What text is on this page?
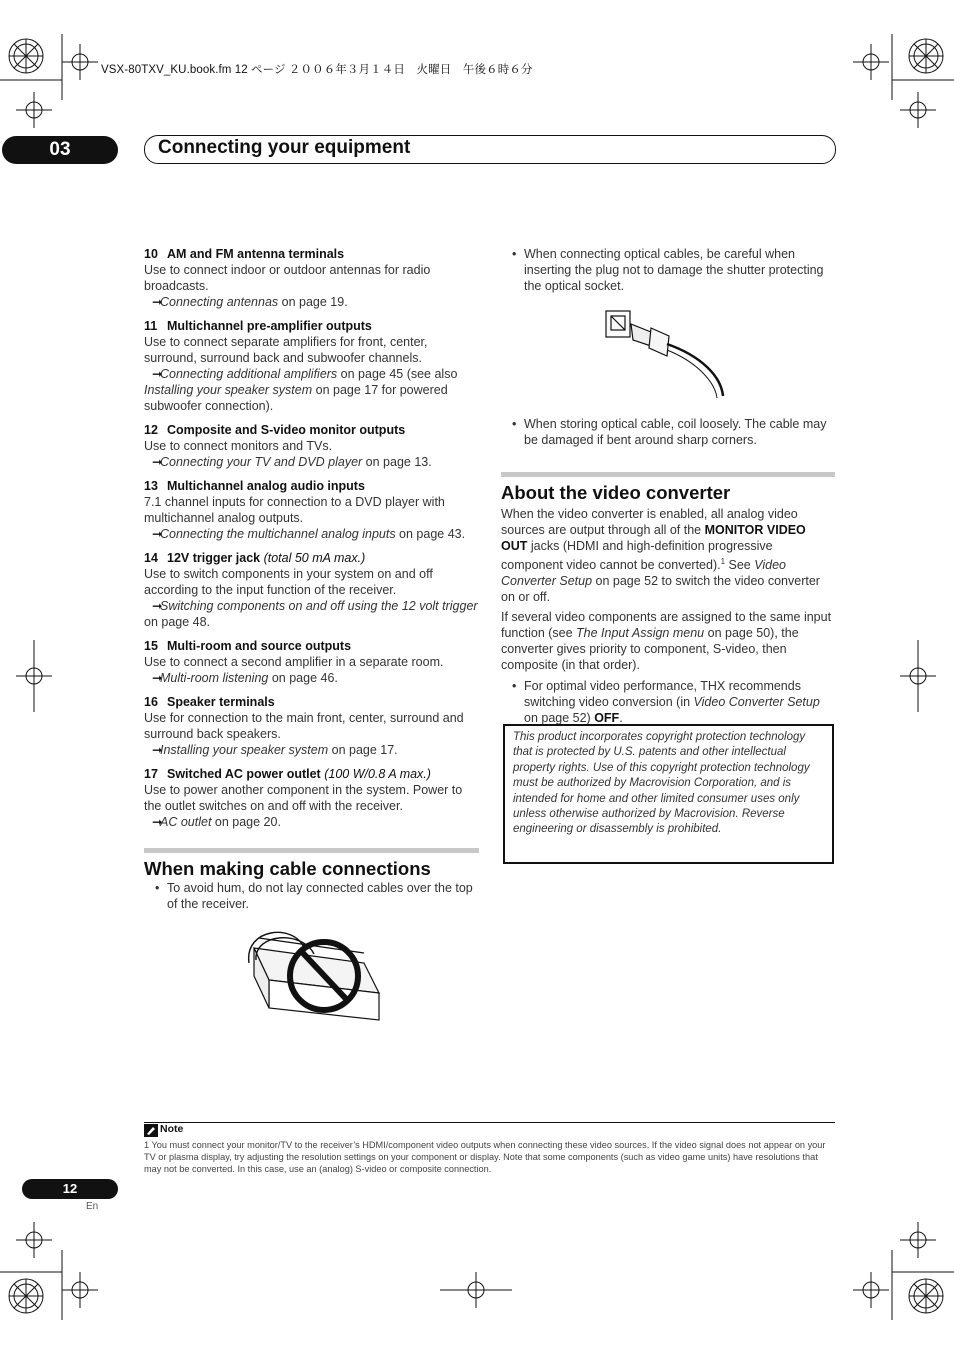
VSX-80TXV_KU.book.fm 12 ページ ２００６年３月１４日　火曜日　午後６時６分
03	Connecting your equipment
10 AM and FM antenna terminals
Use to connect indoor or outdoor antennas for radio broadcasts.
➞Connecting antennas on page 19.
11 Multichannel pre-amplifier outputs
Use to connect separate amplifiers for front, center, surround, surround back and subwoofer channels.
➞Connecting additional amplifiers on page 45 (see also Installing your speaker system on page 17 for powered subwoofer connection).
12 Composite and S-video monitor outputs
Use to connect monitors and TVs.
➞Connecting your TV and DVD player on page 13.
13 Multichannel analog audio inputs
7.1 channel inputs for connection to a DVD player with multichannel analog outputs.
➞Connecting the multichannel analog inputs on page 43.
14 12V trigger jack (total 50 mA max.)
Use to switch components in your system on and off according to the input function of the receiver.
➞Switching components on and off using the 12 volt trigger on page 48.
15 Multi-room and source outputs
Use to connect a second amplifier in a separate room.
➞Multi-room listening on page 46.
16 Speaker terminals
Use for connection to the main front, center, surround and surround back speakers.
➞Installing your speaker system on page 17.
17 Switched AC power outlet (100 W/0.8 A max.)
Use to power another component in the system. Power to the outlet switches on and off with the receiver.
➞AC outlet on page 20.
When making cable connections
• To avoid hum, do not lay connected cables over the top of the receiver.
• When connecting optical cables, be careful when inserting the plug not to damage the shutter protecting the optical socket.
• When storing optical cable, coil loosely. The cable may be damaged if bent around sharp corners.
About the video converter
When the video converter is enabled, all analog video sources are output through all of the MONITOR VIDEO OUT jacks (HDMI and high-definition progressive component video cannot be converted).$^1$ See Video Converter Setup on page 52 to switch the video converter on or off.
If several video components are assigned to the same input function (see The Input Assign menu on page 50), the converter gives priority to component, S-video, then composite (in that order).
• For optimal video performance, THX recommends switching video conversion (in Video Converter Setup on page 52) OFF.
This product incorporates copyright protection technology that is protected by U.S. patents and other intellectual property rights. Use of this copyright protection technology must be authorized by Macrovision Corporation, and is intended for home and other limited consumer uses only unless otherwise authorized by Macrovision. Reverse engineering or disassembly is prohibited.
Note
1 You must connect your monitor/TV to the receiver’s HDMI/component video outputs when connecting these video sources. If the video signal does not appear on your TV or plasma display, try adjusting the resolution settings on your component or display. Note that some components (such as video game units) have resolutions that may not be converted. In this case, use an (analog) S-video or composite connection.
12
En
